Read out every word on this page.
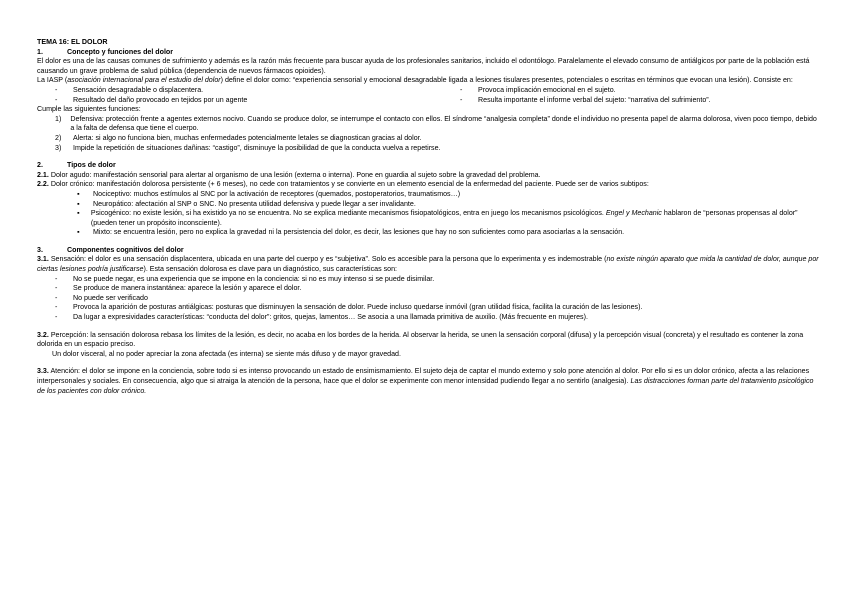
TEMA 16: EL DOLOR

1.	Concepto y funciones del dolor

El dolor es una de las causas comunes de sufrimiento y además es la razón más frecuente para buscar ayuda de los profesionales sanitarios, incluido el odontólogo. Paralelamente el elevado consumo de antiálgicos por parte de la población está causando un grave problema de salud pública (dependencia de nuevos fármacos opioides).

La IASP (asociación internacional para el estudio del dolor) define el dolor como: “experiencia sensorial y emocional desagradable ligada a lesiones tisulares presentes, potenciales o escritas en términos que evocan una lesión). Consiste en:

-	Sensación desagradable o displacentera.
-	Resultado del daño provocado en tejidos por un agente
-	Provoca implicación emocional en el sujeto.
-	Resulta importante el informe verbal del sujeto: “narrativa del sufrimiento”.

Cumple las siguientes funciones:

1)	Defensiva: protección frente a agentes externos nocivo. Cuando se produce dolor, se interrumpe el contacto con ellos. El síndrome “analgesia completa” donde el individuo no presenta papel de alarma dolorosa, viven poco tiempo, debido a la falta de defensa que tiene el cuerpo.
2)	Alerta: si algo no funciona bien, muchas enfermedades potencialmente letales se diagnostican gracias al dolor.
3)	Impide la repetición de situaciones dañinas: “castigo”, disminuye la posibilidad de que la conducta vuelva a repetirse.

2.	Tipos de dolor

2.1. Dolor agudo: manifestación sensorial para alertar al organismo de una lesión (externa o interna). Pone en guardia al sujeto sobre la gravedad del problema.

2.2. Dolor crónico: manifestación dolorosa persistente (+ 6 meses), no cede con tratamientos y se convierte en un elemento esencial de la enfermedad del paciente. Puede ser de varios subtipos:

▪	Nociceptivo: muchos estímulos al SNC por la activación de receptores (quemados, postoperatorios, traumatismos…)
▪	Neuropático: afectación al SNP o SNC. No presenta utilidad defensiva y puede llegar a ser invalidante.
▪	Psicogénico: no existe lesión, si ha existido ya no se encuentra. No se explica mediante mecanismos fisiopatológicos, entra en juego los mecanismos psicológicos. Engel y Mechanic hablaron de “personas propensas al dolor” (pueden tener un propósito inconsciente).
▪	Mixto: se encuentra lesión, pero no explica la gravedad ni la persistencia del dolor, es decir, las lesiones que hay no son suficientes como para asociarlas a la sensación.

3.	Componentes cognitivos del dolor

3.1. Sensación: el dolor es una sensación displacentera, ubicada en una parte del cuerpo y es “subjetiva”. Solo es accesible para la persona que lo experimenta y es indemostrable (no existe ningún aparato que mida la cantidad de dolor, aunque por ciertas lesiones podría justificarse). Esta sensación dolorosa es clave para un diagnóstico, sus características son:

-	No se puede negar, es una experiencia que se impone en la conciencia: si no es muy intenso si se puede disimilar.
-	Se produce de manera instantánea: aparece la lesión y aparece el dolor.
-	No puede ser verificado
-	Provoca la aparición de posturas antiálgicas: posturas que disminuyen la sensación de dolor. Puede incluso quedarse inmóvil (gran utilidad física, facilita la curación de las lesiones).
-	Da lugar a expresividades características: “conducta del dolor”: gritos, quejas, lamentos… Se asocia a una llamada primitiva de auxilio. (Más frecuente en mujeres).

3.2. Percepción: la sensación dolorosa rebasa los límites de la lesión, es decir, no acaba en los bordes de la herida. Al observar la herida, se unen la sensación corporal (difusa) y la percepción visual (concreta) y el resultado es contener la zona dolorida en un espacio preciso.

Un dolor visceral, al no poder apreciar la zona afectada (es interna) se siente más difuso y de mayor gravedad.

3.3. Atención: el dolor se impone en la conciencia, sobre todo si es intenso provocando un estado de ensimismamiento. El sujeto deja de captar el mundo externo y solo pone atención al dolor. Por ello si es un dolor crónico, afecta a las relaciones interpersonales y sociales. En consecuencia, algo que si atraiga la atención de la persona, hace que el dolor se experimente con menor intensidad pudiendo llegar a no sentirlo (analgesia). Las distracciones forman parte del tratamiento psicológico de los pacientes con dolor crónico.
